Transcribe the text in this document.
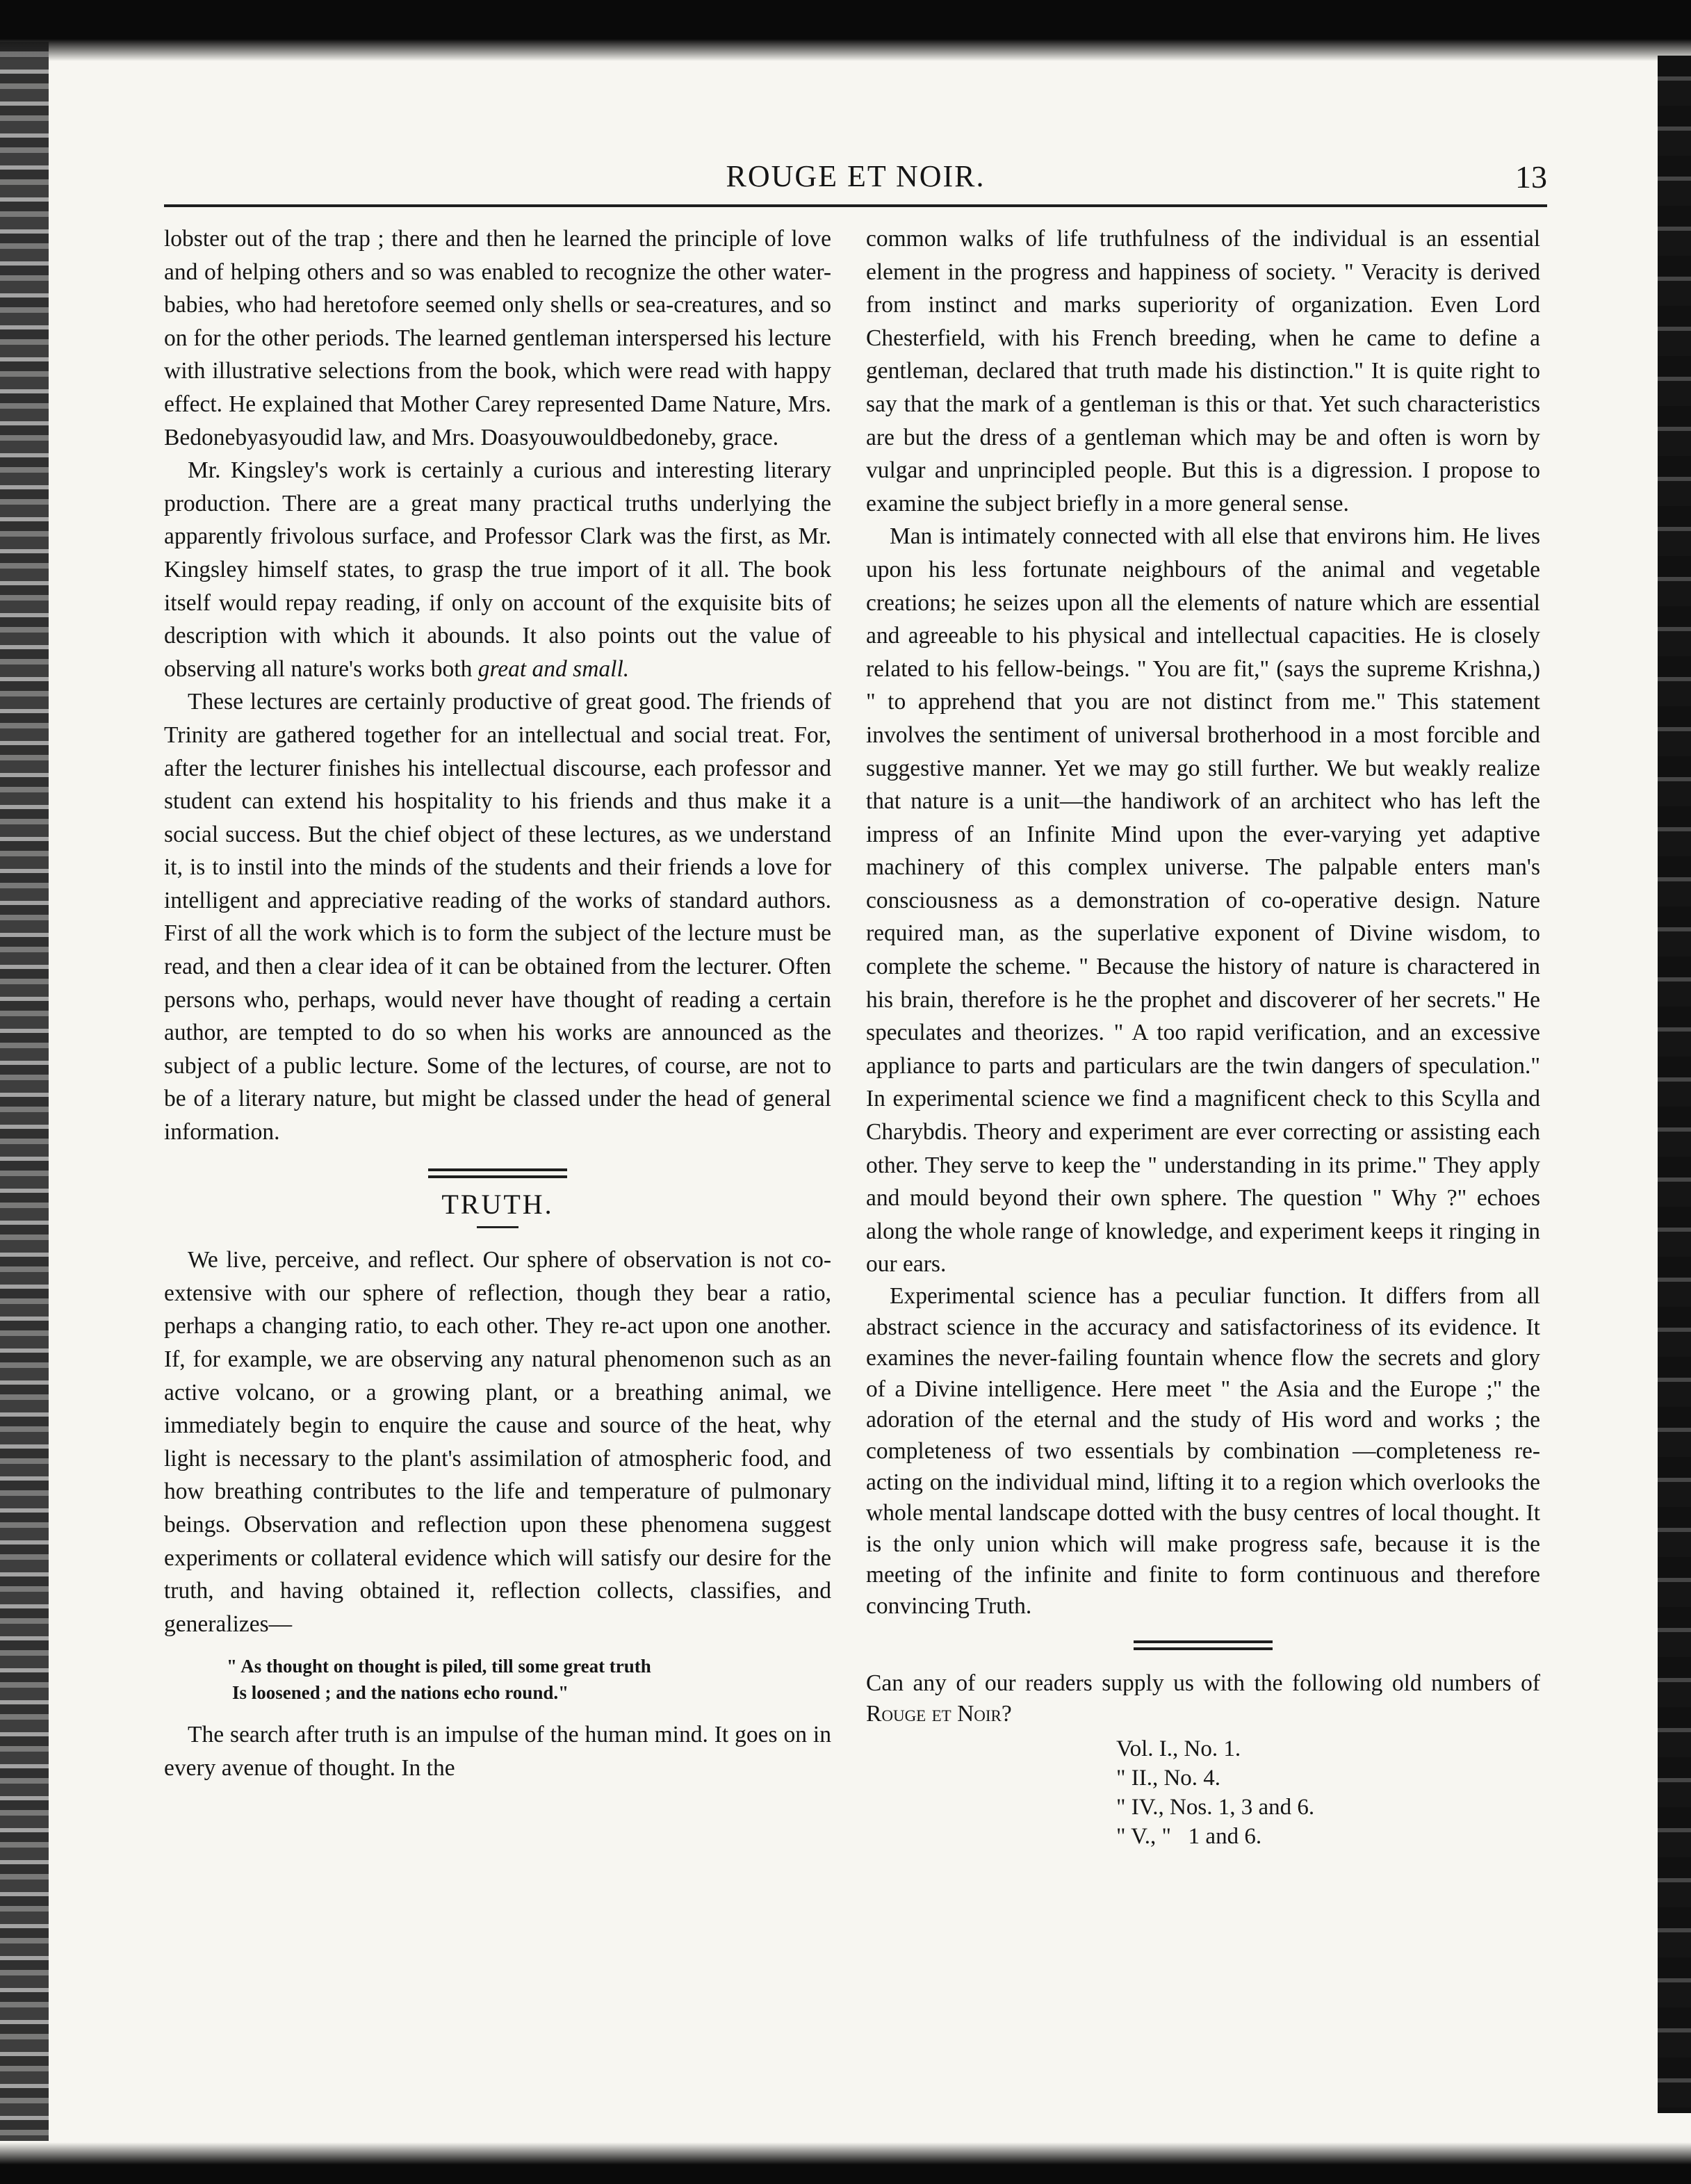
ROUGE ET NOIR.	13

lobster out of the trap ; there and then he learned the principle of love and of helping others and so was enabled to recognize the other water-babies, who had heretofore seemed only shells or sea-creatures, and so on for the other periods. The learned gentleman interspersed his lecture with illustrative selections from the book, which were read with happy effect. He explained that Mother Carey represented Dame Nature, Mrs. Bedonebyasyoudid law, and Mrs. Doasyouwouldbedoneby, grace.

Mr. Kingsley's work is certainly a curious and interesting literary production. There are a great many practical truths underlying the apparently frivolous surface, and Professor Clark was the first, as Mr. Kingsley himself states, to grasp the true import of it all. The book itself would repay reading, if only on account of the exquisite bits of description with which it abounds. It also points out the value of observing all nature's works both great and small.

These lectures are certainly productive of great good. The friends of Trinity are gathered together for an intellectual and social treat. For, after the lecturer finishes his intellectual discourse, each professor and student can extend his hospitality to his friends and thus make it a social success. But the chief object of these lectures, as we understand it, is to instil into the minds of the students and their friends a love for intelligent and appreciative reading of the works of standard authors. First of all the work which is to form the subject of the lecture must be read, and then a clear idea of it can be obtained from the lecturer. Often persons who, perhaps, would never have thought of reading a certain author, are tempted to do so when his works are announced as the subject of a public lecture. Some of the lectures, of course, are not to be of a literary nature, but might be classed under the head of general information.

TRUTH.

We live, perceive, and reflect. Our sphere of observation is not co-extensive with our sphere of reflection, though they bear a ratio, perhaps a changing ratio, to each other. They re-act upon one another. If, for example, we are observing any natural phenomenon such as an active volcano, or a growing plant, or a breathing animal, we immediately begin to enquire the cause and source of the heat, why light is necessary to the plant's assimilation of atmospheric food, and how breathing contributes to the life and temperature of pulmonary beings. Observation and reflection upon these phenomena suggest experiments or collateral evidence which will satisfy our desire for the truth, and having obtained it, reflection collects, classifies, and generalizes—

" As thought on thought is piled, till some great truth
Is loosened ; and the nations echo round."

The search after truth is an impulse of the human mind. It goes on in every avenue of thought. In the

common walks of life truthfulness of the individual is an essential element in the progress and happiness of society. " Veracity is derived from instinct and marks superiority of organization. Even Lord Chesterfield, with his French breeding, when he came to define a gentleman, declared that truth made his distinction." It is quite right to say that the mark of a gentleman is this or that. Yet such characteristics are but the dress of a gentleman which may be and often is worn by vulgar and unprincipled people. But this is a digression. I propose to examine the subject briefly in a more general sense.

Man is intimately connected with all else that environs him. He lives upon his less fortunate neighbours of the animal and vegetable creations; he seizes upon all the elements of nature which are essential and agreeable to his physical and intellectual capacities. He is closely related to his fellow-beings. " You are fit," (says the supreme Krishna,) " to apprehend that you are not distinct from me." This statement involves the sentiment of universal brotherhood in a most forcible and suggestive manner. Yet we may go still further. We but weakly realize that nature is a unit—the handiwork of an architect who has left the impress of an Infinite Mind upon the ever-varying yet adaptive machinery of this complex universe. The palpable enters man's consciousness as a demonstration of co-operative design. Nature required man, as the superlative exponent of Divine wisdom, to complete the scheme. " Because the history of nature is charactered in his brain, therefore is he the prophet and discoverer of her secrets." He speculates and theorizes. " A too rapid verification, and an excessive appliance to parts and particulars are the twin dangers of speculation." In experimental science we find a magnificent check to this Scylla and Charybdis. Theory and experiment are ever correcting or assisting each other. They serve to keep the " understanding in its prime." They apply and mould beyond their own sphere. The question " Why ?" echoes along the whole range of knowledge, and experiment keeps it ringing in our ears.

Experimental science has a peculiar function. It differs from all abstract science in the accuracy and satisfactoriness of its evidence. It examines the never-failing fountain whence flow the secrets and glory of a Divine intelligence. Here meet " the Asia and the Europe ;" the adoration of the eternal and the study of His word and works ; the completeness of two essentials by combination —completeness re-acting on the individual mind, lifting it to a region which overlooks the whole mental landscape dotted with the busy centres of local thought. It is the only union which will make progress safe, because it is the meeting of the infinite and finite to form continuous and therefore convincing Truth.

Can any of our readers supply us with the following old numbers of Rouge et Noir?

Vol. I., No. 1.
" II., No. 4.
" IV., Nos. 1, 3 and 6.
" V., "   1 and 6.
